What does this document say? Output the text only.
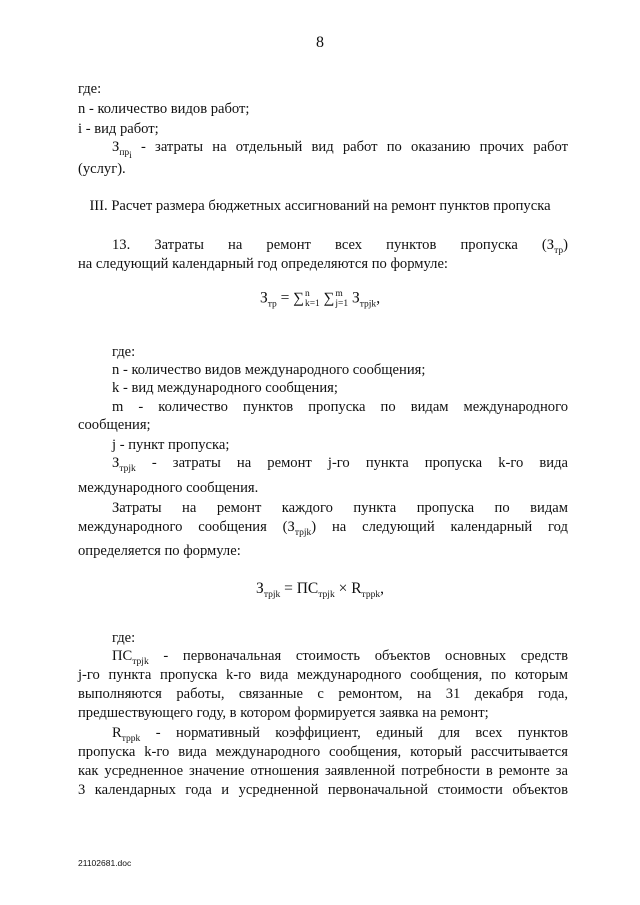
8
где:
n - количество видов работ;
i - вид работ;
$З_{пр_i}$ - затраты на отдельный вид работ по оказанию прочих работ
(услуг).
III. Расчет размера бюджетных ассигнований на ремонт пунктов пропуска
13. Затраты на ремонт всех пунктов пропуска $(З_{тр})$
на следующий календарный год определяются по формуле:
$З_{тр} = \sum n$
k=1 ∑m
j=1 $З_{трjk}$,
где:
n - количество видов международного сообщения;
k - вид международного сообщения;
m - количество пунктов пропуска по видам международного
сообщения;
j - пункт пропуска;
$З_{трjk}$ - затраты на ремонт j-го пункта пропуска k-го вида
международного сообщения.
Затраты на ремонт каждого пункта пропуска по видам
международного сообщения $(З_{трjk})$ на следующий календарный год
определяется по формуле:
$З_{трjk} = ПС_{трjk} \times R_{трpk}$,
где:
$ПС_{трjk}$ - первоначальная стоимость объектов основных средств
j-го пункта пропуска k-го вида международного сообщения, по которым
выполняются работы, связанные с ремонтом, на 31 декабря года,
предшествующего году, в котором формируется заявка на ремонт;
$R_{трpk}$ - нормативный коэффициент, единый для всех пунктов
пропуска k-го вида международного сообщения, который рассчитывается
как усредненное значение отношения заявленной потребности в ремонте за
3 календарных года и усредненной первоначальной стоимости объектов
21102681.doc
